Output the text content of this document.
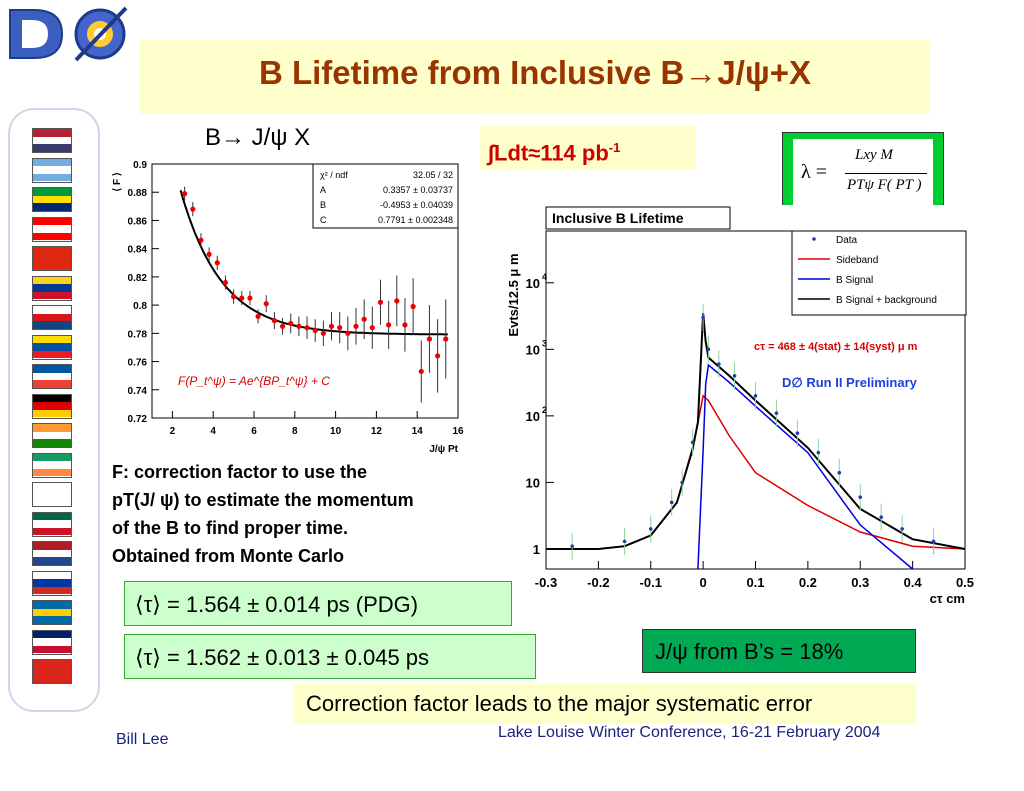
B Lifetime from Inclusive B→J/ψ+X
B→ J/ψ X
∫Ldt≈114 $pb^{-1}$
λ =
Lxy M
PTψ F( PT )
2	4	6	8	10	12	14	16
0.72
0.74
0.76
0.78
0.8
0.82
0.84
0.86
0.88
0.9
J/ψ Pt
⟨ F ⟩	χ² / ndf	32.05 / 32
A	0.3357 ± 0.03737
B	-0.4953 ± 0.04039
C	0.7791 ± 0.002348
F(P_t^ψ) = Ae^{BP_t^ψ} + C
F: correction factor to use the
pT(J/ ψ) to estimate the momentum
of the B to find proper time.
Obtained from Monte Carlo
-0.3 -0.2 -0.1	0	0.1	0.2	0.3	0.4	0.5
1
10
10 2
10 3
10 4
cτ cm
Evts/12.5 μ m
Inclusive B Lifetime
Data
Sideband
B Signal
B Signal + background
cτ = 468 ± 4(stat) ± 14(syst) μ m
D∅ Run II Preliminary
⟨τ⟩ = 1.564 ± 0.014 ps (PDG)
⟨τ⟩ = 1.562 ± 0.013 ± 0.045 ps	J/ψ from B’s = 18%
Correction factor leads to the major systematic error
Bill Lee	Lake Louise Winter Conference, 16-21 February 2004
